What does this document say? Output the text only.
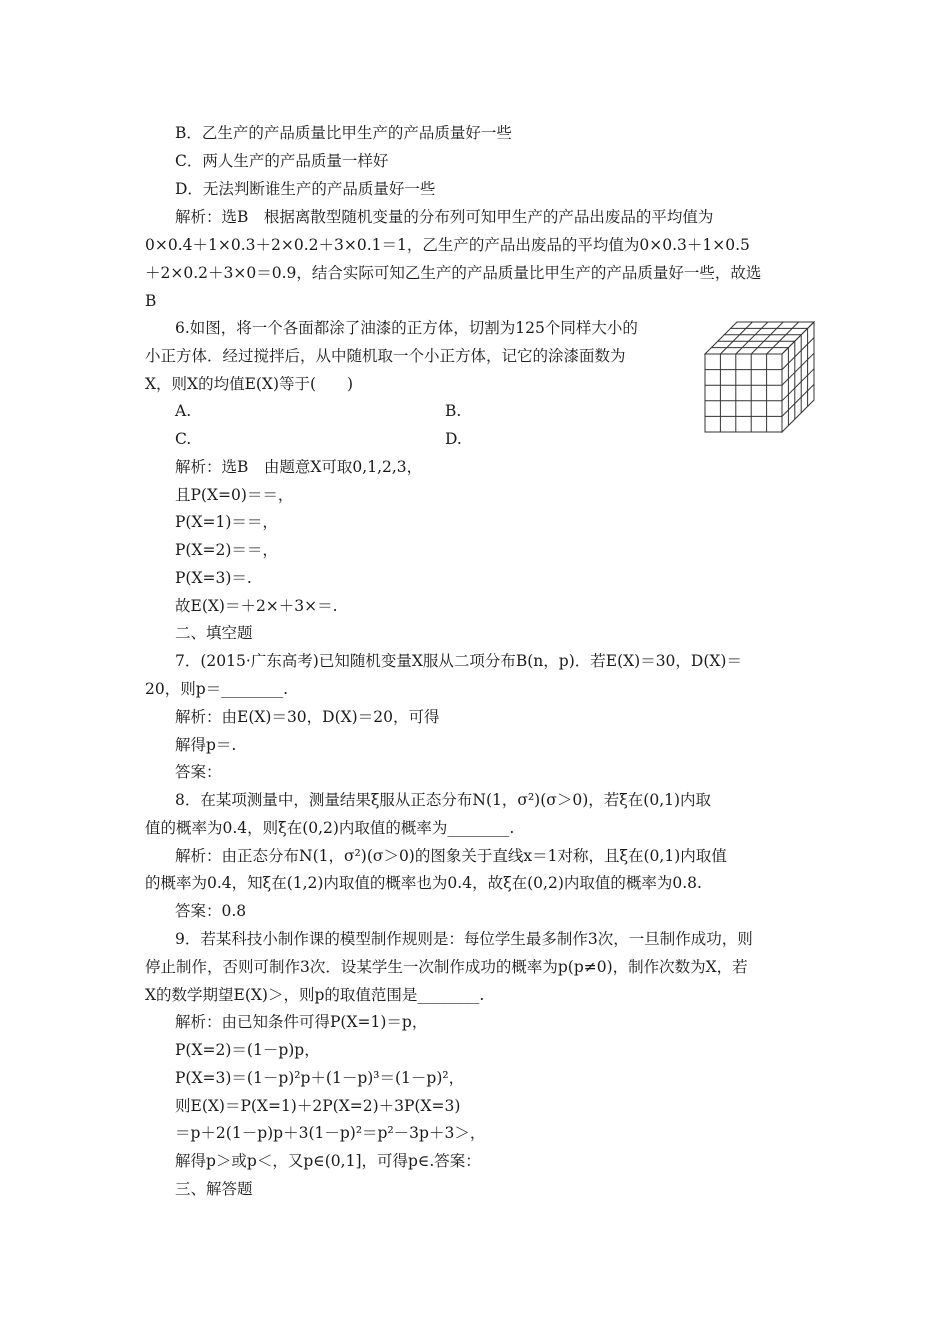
B．乙生产的产品质量比甲生产的产品质量好一些
C．两人生产的产品质量一样好
D．无法判断谁生产的产品质量好一些
解析：选B　根据离散型随机变量的分布列可知甲生产的产品出废品的平均值为
0×0.4＋1×0.3＋2×0.2＋3×0.1＝1，乙生产的产品出废品的平均值为0×0.3＋1×0.5
＋2×0.2＋3×0＝0.9，结合实际可知乙生产的产品质量比甲生产的产品质量好一些，故选
B
6.如图，将一个各面都涂了油漆的正方体，切割为125个同样大小的
小正方体．经过搅拌后，从中随机取一个小正方体，记它的涂漆面数为
X，则X的均值E(X)等于(　　)
A.	B.
C.	D.
解析：选B　由题意X可取0,1,2,3，
且P(X=0)＝＝，
P(X=1)＝＝，
P(X=2)＝＝，
P(X=3)＝.
故E(X)＝＋2×＋3×＝.
二、填空题
7．(2015·广东高考)已知随机变量X服从二项分布B(n，p)．若E(X)＝30，D(X)＝
20，则p＝________.
解析：由E(X)＝30，D(X)＝20，可得
解得p＝.
答案：
8．在某项测量中，测量结果ξ服从正态分布N(1，σ²)(σ＞0)，若ξ在(0,1)内取
值的概率为0.4，则ξ在(0,2)内取值的概率为________.
解析：由正态分布N(1，σ²)(σ＞0)的图象关于直线x＝1对称，且ξ在(0,1)内取值
的概率为0.4，知ξ在(1,2)内取值的概率也为0.4，故ξ在(0,2)内取值的概率为0.8.
答案：0.8
9．若某科技小制作课的模型制作规则是：每位学生最多制作3次，一旦制作成功，则
停止制作，否则可制作3次．设某学生一次制作成功的概率为p(p≠0)，制作次数为X，若
X的数学期望E(X)＞，则p的取值范围是________.
解析：由已知条件可得P(X=1)＝p，
P(X=2)＝(1－p)p，
P(X=3)＝(1－p)²p＋(1－p)³＝(1－p)²，
则E(X)＝P(X=1)＋2P(X=2)＋3P(X=3)
＝p＋2(1－p)p＋3(1－p)²＝p²－3p＋3＞，
解得p＞或p＜，又p∈(0,1]，可得p∈.答案：
三、解答题
